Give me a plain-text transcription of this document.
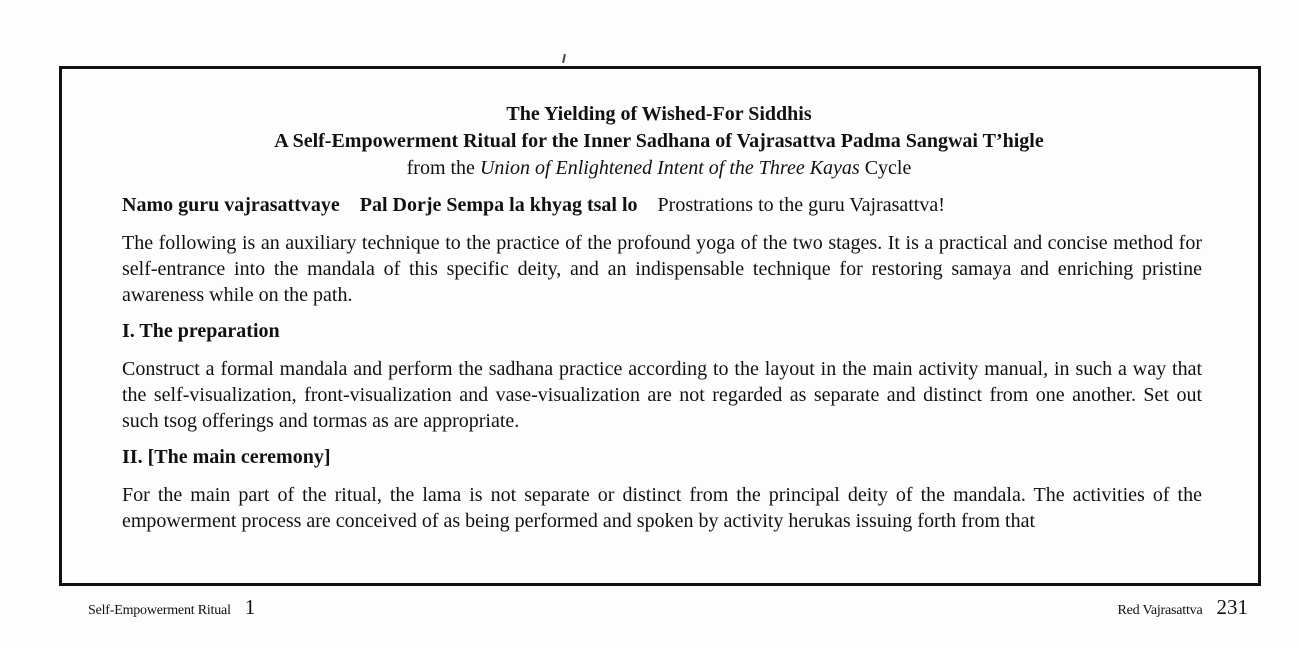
The Yielding of Wished-For Siddhis
A Self-Empowerment Ritual for the Inner Sadhana of Vajrasattva Padma Sangwai T’higle
from the Union of Enlightened Intent of the Three Kayas Cycle
Namo guru vajrasattvaye Pal Dorje Sempa la khyag tsal lo Prostrations to the guru Vajrasattva!
The following is an auxiliary technique to the practice of the profound yoga of the two stages. It is a practical and concise method for self-entrance into the mandala of this specific deity, and an indispensable technique for restoring samaya and enriching pristine awareness while on the path.
I. The preparation
Construct a formal mandala and perform the sadhana practice according to the layout in the main activity manual, in such a way that the self-visualization, front-visualization and vase-visualization are not regarded as separate and distinct from one another. Set out such tsog offerings and tormas as are appropriate.
II. [The main ceremony]
For the main part of the ritual, the lama is not separate or distinct from the principal deity of the mandala. The activities of the empowerment process are conceived of as being performed and spoken by activity herukas issuing forth from that
Self-Empowerment Ritual 1	Red Vajrasattva 231
